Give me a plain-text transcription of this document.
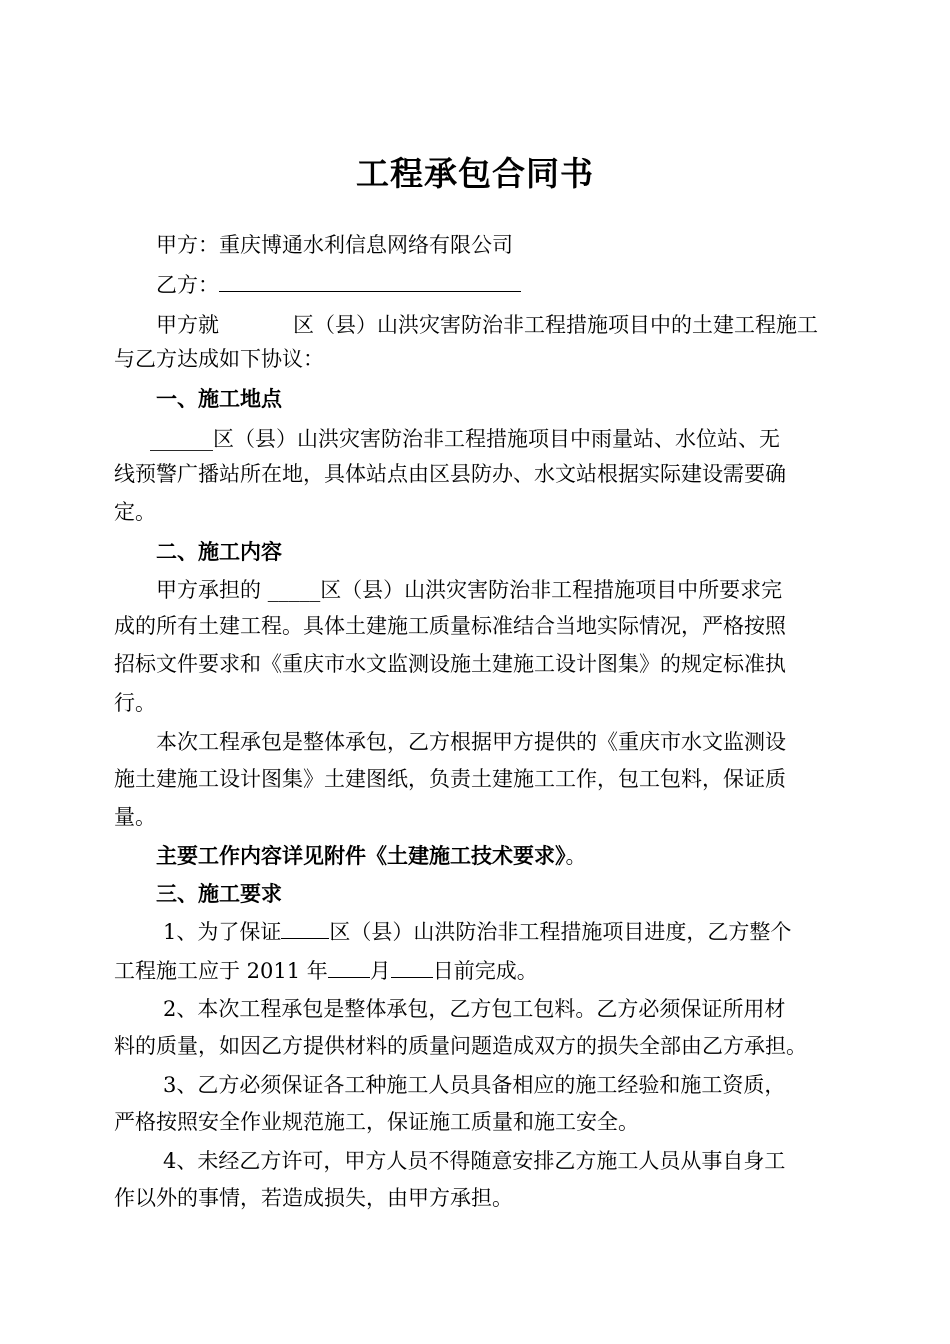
工程承包合同书
甲方：重庆博通水利信息网络有限公司
乙方：
甲方就	区（县）山洪灾害防治非工程措施项目中的土建工程施工
与乙方达成如下协议：
一、施工地点
______区（县）山洪灾害防治非工程措施项目中雨量站、水位站、无
线预警广播站所在地，具体站点由区县防办、水文站根据实际建设需要确
定。
二、施工内容
甲方承担的 _____区（县）山洪灾害防治非工程措施项目中所要求完
成的所有土建工程。具体土建施工质量标准结合当地实际情况，严格按照
招标文件要求和《重庆市水文监测设施土建施工设计图集》的规定标准执
行。
本次工程承包是整体承包，乙方根据甲方提供的《重庆市水文监测设
施土建施工设计图集》土建图纸，负责土建施工工作，包工包料，保证质
量。
主要工作内容详见附件《土建施工技术要求》。
三、施工要求
1、为了保证 区（县）山洪防治非工程措施项目进度，乙方整个
工程施工应于 2011 年 月 日前完成。
2、本次工程承包是整体承包，乙方包工包料。乙方必须保证所用材
料的质量，如因乙方提供材料的质量问题造成双方的损失全部由乙方承担。
3、乙方必须保证各工种施工人员具备相应的施工经验和施工资质，
严格按照安全作业规范施工，保证施工质量和施工安全。
4、未经乙方许可，甲方人员不得随意安排乙方施工人员从事自身工
作以外的事情，若造成损失，由甲方承担。
